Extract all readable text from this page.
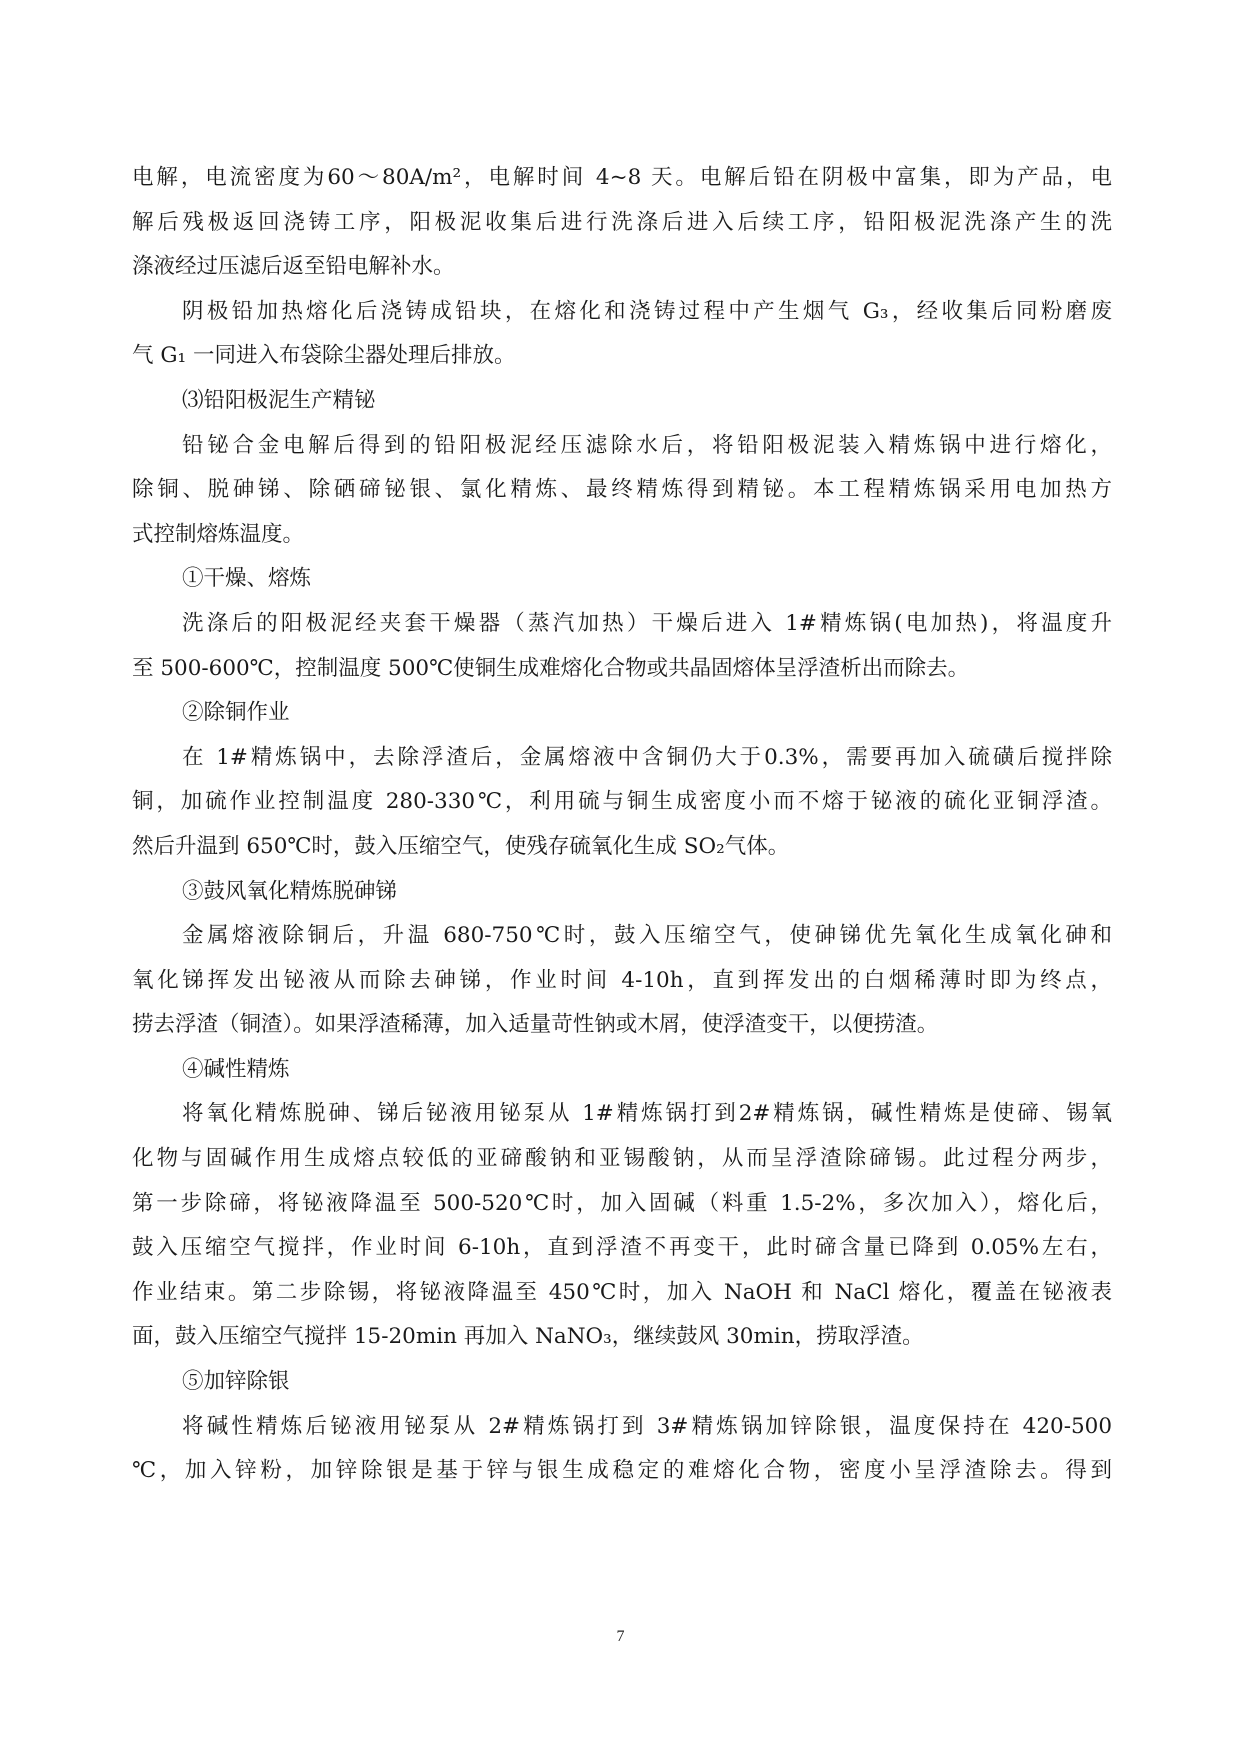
电解，电流密度为60～80A/m²，电解时间 4~8 天。电解后铅在阴极中富集，即为产品，电
解后残极返回浇铸工序，阳极泥收集后进行洗涤后进入后续工序，铅阳极泥洗涤产生的洗
涤液经过压滤后返至铅电解补水。
阴极铅加热熔化后浇铸成铅块，在熔化和浇铸过程中产生烟气 G₃，经收集后同粉磨废
气 G₁ 一同进入布袋除尘器处理后排放。
⑶铅阳极泥生产精铋
铅铋合金电解后得到的铅阳极泥经压滤除水后，将铅阳极泥装入精炼锅中进行熔化，
除铜、脱砷锑、除硒碲铋银、氯化精炼、最终精炼得到精铋。本工程精炼锅采用电加热方
式控制熔炼温度。
①干燥、熔炼
洗涤后的阳极泥经夹套干燥器（蒸汽加热）干燥后进入 1#精炼锅(电加热)，将温度升
至 500-600℃，控制温度 500℃使铜生成难熔化合物或共晶固熔体呈浮渣析出而除去。
②除铜作业
在 1#精炼锅中，去除浮渣后，金属熔液中含铜仍大于0.3%，需要再加入硫磺后搅拌除
铜，加硫作业控制温度 280-330℃，利用硫与铜生成密度小而不熔于铋液的硫化亚铜浮渣。
然后升温到 650℃时，鼓入压缩空气，使残存硫氧化生成 SO₂气体。
③鼓风氧化精炼脱砷锑
金属熔液除铜后，升温 680-750℃时，鼓入压缩空气，使砷锑优先氧化生成氧化砷和
氧化锑挥发出铋液从而除去砷锑，作业时间 4-10h，直到挥发出的白烟稀薄时即为终点，
捞去浮渣（铜渣）。如果浮渣稀薄，加入适量苛性钠或木屑，使浮渣变干，以便捞渣。
④碱性精炼
将氧化精炼脱砷、锑后铋液用铋泵从 1#精炼锅打到2#精炼锅，碱性精炼是使碲、锡氧
化物与固碱作用生成熔点较低的亚碲酸钠和亚锡酸钠，从而呈浮渣除碲锡。此过程分两步，
第一步除碲，将铋液降温至 500-520℃时，加入固碱（料重 1.5-2%，多次加入），熔化后，
鼓入压缩空气搅拌，作业时间 6-10h，直到浮渣不再变干，此时碲含量已降到 0.05%左右，
作业结束。第二步除锡，将铋液降温至 450℃时，加入 NaOH 和 NaCl 熔化，覆盖在铋液表
面，鼓入压缩空气搅拌 15-20min 再加入 NaNO₃，继续鼓风 30min，捞取浮渣。
⑤加锌除银
将碱性精炼后铋液用铋泵从 2#精炼锅打到 3#精炼锅加锌除银，温度保持在 420-500
℃，加入锌粉，加锌除银是基于锌与银生成稳定的难熔化合物，密度小呈浮渣除去。得到
7
